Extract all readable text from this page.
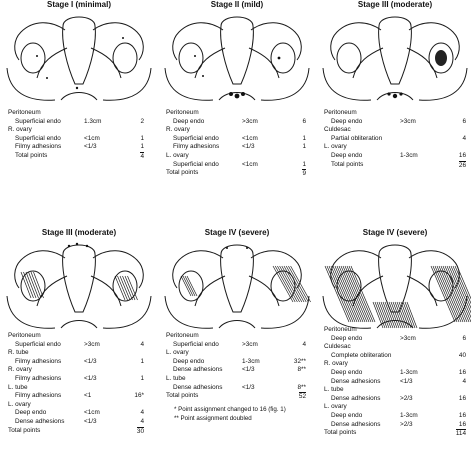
Stage I (minimal)
Peritoneum
Superficial endo	1.3cm	2
R. ovary
Superficial endo	<1cm	1
Filmy adhesions	<1/3	1
Total points	4
Stage II (mild)
Peritoneum
Deep endo	>3cm	6
R. ovary
Superficial endo	<1cm	1
Filmy adhesions	<1/3	1
L. ovary
Superficial endo	<1cm	1
Total points	9
Stage III (moderate)
Peritoneum
Deep endo	>3cm	6
Culdesac
Partial obliteration	4
L. ovary
Deep endo	1-3cm	16
Total points	26
Stage III (moderate)
Peritoneum
Superficial endo	>3cm	4
R. tube
Filmy adhesions	<1/3	1
R. ovary
Filmy adhesions	<1/3	1
L. tube
Filmy adhesions	<1	16*
L. ovary
Deep endo	<1cm	4
Dense adhesions	<1/3	4
Total points	30
Stage IV (severe)
Peritoneum
Superficial endo	>3cm	4
L. ovary
Deep endo	1-3cm	32**
Dense adhesions	<1/3	8**
L. tube
Dense adhesions	<1/3	8**
Total points	52
Stage IV (severe)
Peritoneum
Deep endo	>3cm	6
Culdesac
Complete obliteration	40
R. ovary
Deep endo	1-3cm	16
Dense adhesions	<1/3	4
L. tube
Dense adhesions	>2/3	16
L. ovary
Deep endo	1-3cm	16
Dense adhesions	>2/3	16
Total points	114
* Point assignment changed to 16 (fig. 1)
** Point assignment doubled
